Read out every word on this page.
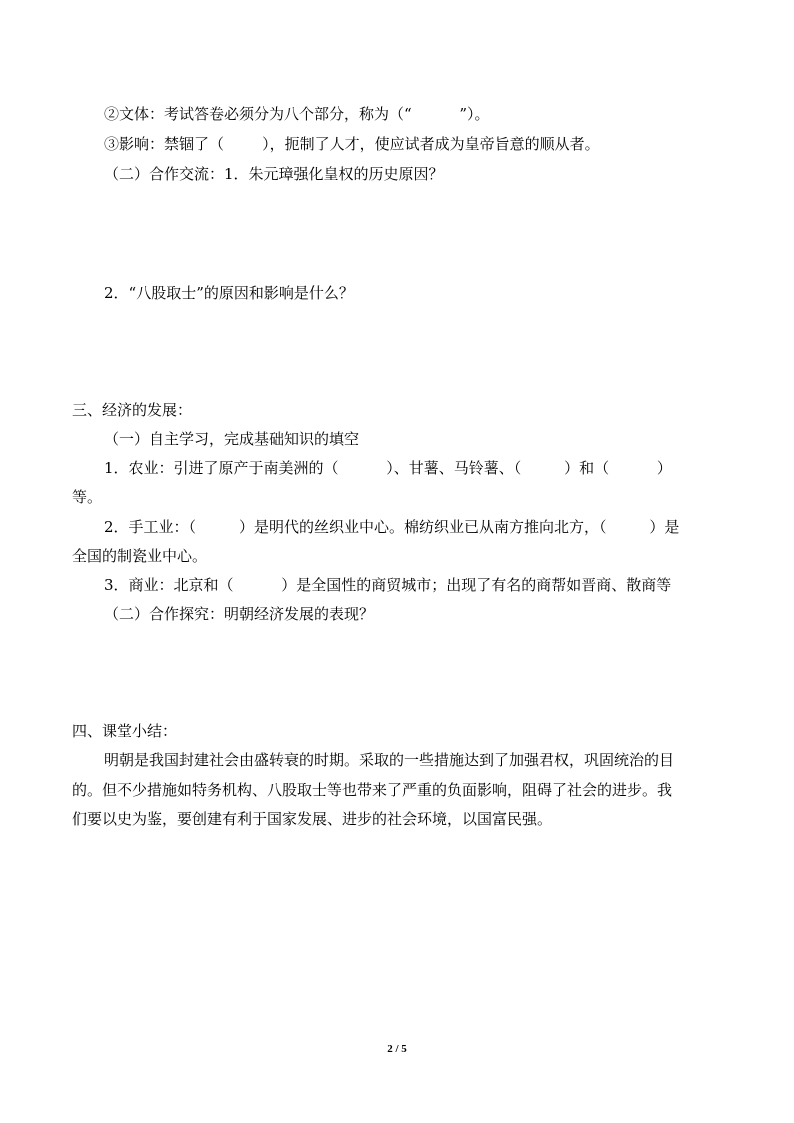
②文体：考试答卷必须分为八个部分，称为（“          ”）。
③影响：禁锢了（        ），扼制了人才，使应试者成为皇帝旨意的顺从者。
（二）合作交流：1．朱元璋强化皇权的历史原因？
2．“八股取士”的原因和影响是什么？
三、经济的发展：
（一）自主学习，完成基础知识的填空
1．农业：引进了原产于南美洲的（          ）、甘薯、马铃薯、（         ）和（          ）
等。
2．手工业：（         ）是明代的丝织业中心。棉纺织业已从南方推向北方，（         ）是
全国的制瓷业中心。
3．商业：北京和（          ）是全国性的商贸城市；出现了有名的商帮如晋商、散商等
（二）合作探究：明朝经济发展的表现？
四、课堂小结：
明朝是我国封建社会由盛转衰的时期。采取的一些措施达到了加强君权，巩固统治的目
的。但不少措施如特务机构、八股取士等也带来了严重的负面影响，阻碍了社会的进步。我
们要以史为鉴，要创建有利于国家发展、进步的社会环境，以国富民强。
2 / 5
